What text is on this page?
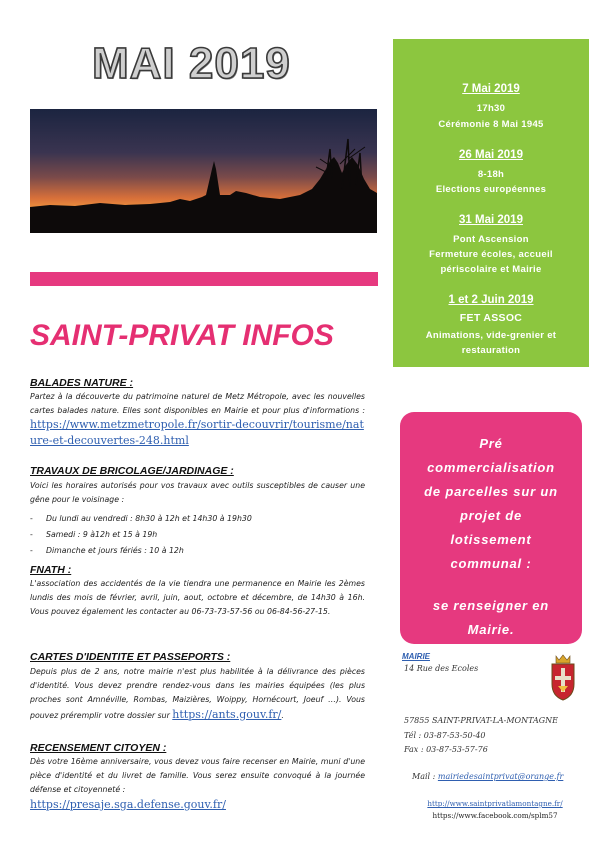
MAI 2019
SAINT-PRIVAT INFOS
7 Mai 2019
17h30
Cérémonie 8 Mai 1945
26 Mai 2019
8-18h
Elections européennes
31 Mai 2019
Pont Ascension
Fermeture écoles, accueil
périscolaire et Mairie
1 et 2 Juin 2019
FET ASSOC
Animations, vide-grenier et
restauration
Pré
commercialisation
de parcelles sur un
projet de
lotissement
communal :
se renseigner en
Mairie.
BALADES NATURE :
Partez à la découverte du patrimoine naturel de Metz Métropole, avec les nouvelles cartes balades nature. Elles sont disponibles en Mairie et pour plus d'informations : https://www.metzmetropole.fr/sortir-decouvrir/tourisme/nature-et-decouvertes-248.html
TRAVAUX DE BRICOLAGE/JARDINAGE :
Voici les horaires autorisés pour vos travaux avec outils susceptibles de causer une gêne pour le voisinage :
- Du lundi au vendredi : 8h30 à 12h et 14h30 à 19h30
- Samedi : 9 à12h et 15 à 19h
- Dimanche et jours fériés : 10 à 12h
FNATH :
L'association des accidentés de la vie tiendra une permanence en Mairie les 2èmes lundis des mois de février, avril, juin, aout, octobre et décembre, de 14h30 à 16h. Vous pouvez également les contacter au 06-73-73-57-56 ou 06-84-56-27-15.
CARTES D'IDENTITE ET PASSEPORTS :
Depuis plus de 2 ans, notre mairie n'est plus habilitée à la délivrance des pièces d'identité. Vous devez prendre rendez-vous dans les mairies équipées (les plus proches sont Amnéville, Rombas, Maizières, Woippy, Hornécourt, Joeuf …). Vous pouvez préremplir votre dossier sur https://ants.gouv.fr/.
RECENSEMENT CITOYEN :
Dès votre 16ème anniversaire, vous devez vous faire recenser en Mairie, muni d'une pièce d'identité et du livret de famille. Vous serez ensuite convoqué à la journée défense et citoyenneté :
https://presaje.sga.defense.gouv.fr/
MAIRIE
14 Rue des Ecoles
57855 SAINT-PRIVAT-LA-MONTAGNE
Tél : 03-87-53-50-40
Fax : 03-87-53-57-76
Mail : mairiedesaintprivat@orange.fr
http://www.saintprivatlamontagne.fr/
https://www.facebook.com/splm57
